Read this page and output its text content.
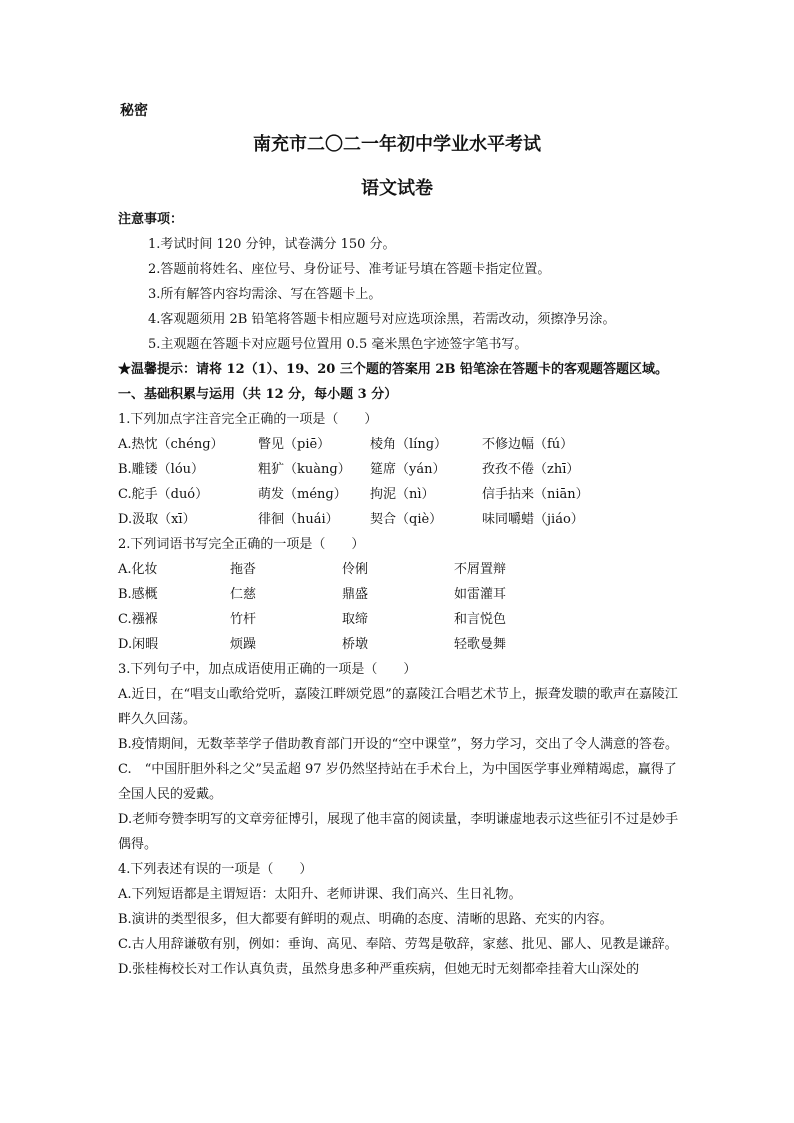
秘密
南充市二〇二一年初中学业水平考试
语文试卷
注意事项：
1.考试时间 120 分钟，试卷满分 150 分。
2.答题前将姓名、座位号、身份证号、准考证号填在答题卡指定位置。
3.所有解答内容均需涂、写在答题卡上。
4.客观题须用 2B 铅笔将答题卡相应题号对应选项涂黑，若需改动，须擦净另涂。
5.主观题在答题卡对应题号位置用 0.5 毫米黑色字迹签字笔书写。
★温馨提示：请将 12（1）、19、20 三个题的答案用 2B 铅笔涂在答题卡的客观题答题区域。
一、基础积累与运用（共 12 分，每小题 3 分）
1.下列加点字注音完全正确的一项是（　　）
A.热忱（chénɡ）	瞥见（piē）	棱角（línɡ）	不修边幅（fú）
B.雕镂（lóu）	粗犷（kuànɡ）	筵席（yán）	孜孜不倦（zhī）
C.舵手（duó）	萌发（ménɡ）	拘泥（nì）	信手拈来（niān）
D.汲取（xī）	徘徊（huái）	契合（qiè）	味同嚼蜡（jiáo）
2.下列词语书写完全正确的一项是（　　）
A.化妆	拖沓	伶俐	不屑置辩
B.感概	仁慈	鼎盛	如雷灌耳
C.襁褓	竹杆	取缔	和言悦色
D.闲暇	烦躁	桥墩	轻歌曼舞
3.下列句子中，加点成语使用正确的一项是（　　）
A.近日，在“唱支山歌给党听，嘉陵江畔颂党恩”的嘉陵江合唱艺术节上，振聋发聩的歌声在嘉陵江畔久久回荡。
B.疫情期间，无数莘莘学子借助教育部门开设的“空中课堂”，努力学习，交出了令人满意的答卷。
C.　“中国肝胆外科之父”吴孟超 97 岁仍然坚持站在手术台上，为中国医学事业殚精竭虑，赢得了全国人民的爱戴。
D.老师夸赞李明写的文章旁征博引，展现了他丰富的阅读量，李明谦虚地表示这些征引不过是妙手偶得。
4.下列表述有误的一项是（　　）
A.下列短语都是主谓短语：太阳升、老师讲课、我们高兴、生日礼物。
B.演讲的类型很多，但大都要有鲜明的观点、明确的态度、清晰的思路、充实的内容。
C.古人用辞谦敬有别，例如：垂询、高见、奉陪、劳驾是敬辞，家慈、批见、鄙人、见教是谦辞。
D.张桂梅校长对工作认真负责，虽然身患多种严重疾病，但她无时无刻都牵挂着大山深处的
